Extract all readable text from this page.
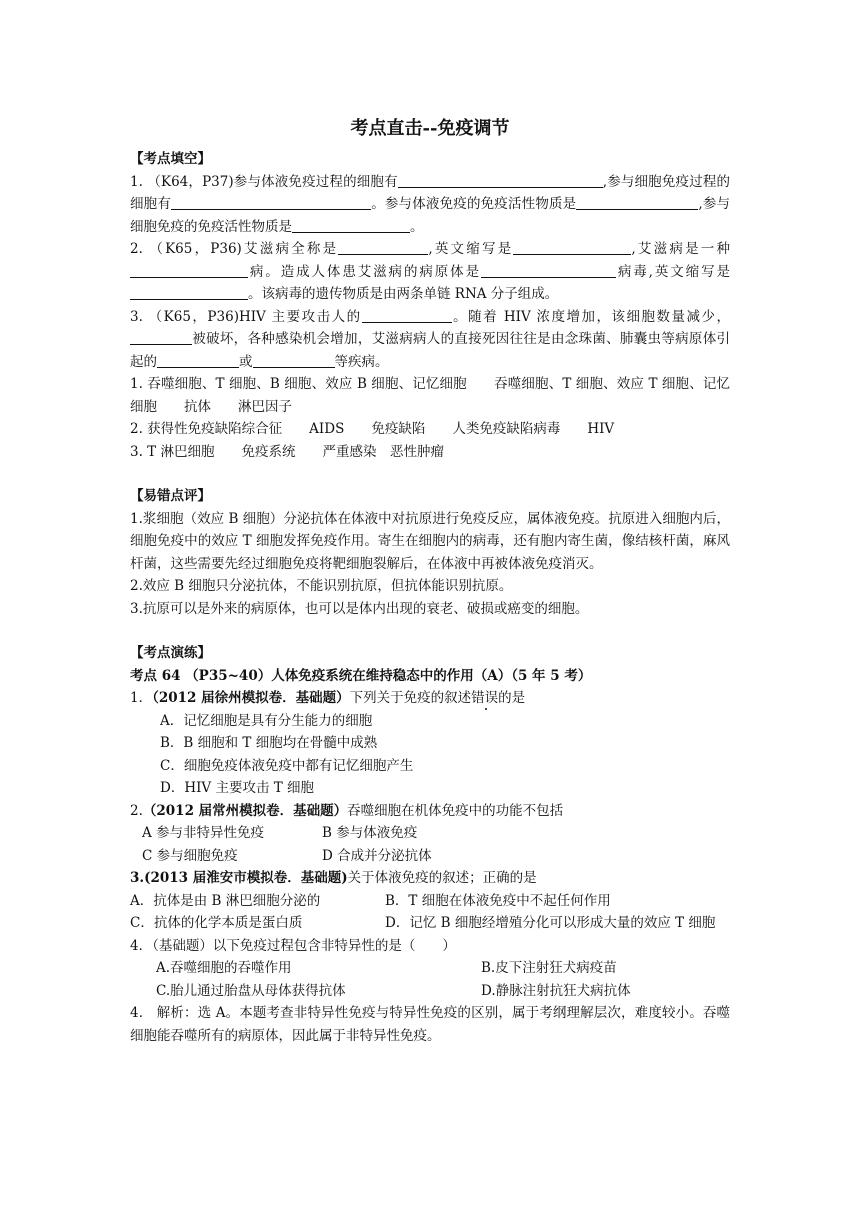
考点直击--免疫调节

【考点填空】

1. （K64，P37)参与体液免疫过程的细胞有	,参与细胞免疫过程的细胞有	。参与体液免疫的免疫活性物质是	,参与细胞免疫的免疫活性物质是	。

2. （K65，P36)艾滋病全称是	,英文缩写是	,艾滋病是一种病。造成人体患艾滋病的病原体是	病毒,英文缩写是。该病毒的遗传物质是由两条单链 RNA 分子组成。

3. （K65，P36)HIV 主要攻击人的	。随着 HIV 浓度增加，该细胞数量减少，被破坏，各种感染机会增加，艾滋病病人的直接死因往往是由念珠菌、肺囊虫等病原体引起的	或	等疾病。

1. 吞噬细胞、T 细胞、B 细胞、效应 B 细胞、记忆细胞　　吞噬细胞、T 细胞、效应 T 细胞、记忆细胞　　抗体　　淋巴因子

2. 获得性免疫缺陷综合征　　AIDS　　免疫缺陷　　人类免疫缺陷病毒　　HIV

3. T 淋巴细胞　　免疫系统　　严重感染　恶性肿瘤

【易错点评】

1.浆细胞（效应 B 细胞）分泌抗体在体液中对抗原进行免疫反应，属体液免疫。抗原进入细胞内后，细胞免疫中的效应 T 细胞发挥免疫作用。寄生在细胞内的病毒，还有胞内寄生菌，像结核杆菌，麻风杆菌，这些需要先经过细胞免疫将靶细胞裂解后，在体液中再被体液免疫消灭。

2.效应 B 细胞只分泌抗体，不能识别抗原，但抗体能识别抗原。

3.抗原可以是外来的病原体，也可以是体内出现的衰老、破损或癌变的细胞。

【考点演练】

考点 64 （P35~40）人体免疫系统在维持稳态中的作用（A）（5 年 5 考）

1．（2012 届徐州模拟卷．基础题）下列关于免疫的叙述错误的是

A．记忆细胞是具有分生能力的细胞

B．B 细胞和 T 细胞均在骨髓中成熟

C．细胞免疫体液免疫中都有记忆细胞产生

D．HIV 主要攻击 T 细胞

2.（2012 届常州模拟卷．基础题）吞噬细胞在机体免疫中的功能不包括

A 参与非特异性免疫	B 参与体液免疫

C 参与细胞免疫	D 合成并分泌抗体

3.(2013 届淮安市模拟卷．基础题)关于体液免疫的叙述；正确的是

A．抗体是由 B 淋巴细胞分泌的	B．T 细胞在体液免疫中不起任何作用

C．抗体的化学本质是蛋白质	D．记忆 B 细胞经增殖分化可以形成大量的效应 T 细胞

4．（基础题）以下免疫过程包含非特异性的是（　　）

A.吞噬细胞的吞噬作用	B.皮下注射狂犬病疫苗

C.胎儿通过胎盘从母体获得抗体	D.静脉注射抗狂犬病抗体

4． 解析：选 A。本题考查非特异性免疫与特异性免疫的区别，属于考纲理解层次，难度较小。吞噬细胞能吞噬所有的病原体，因此属于非特异性免疫。
